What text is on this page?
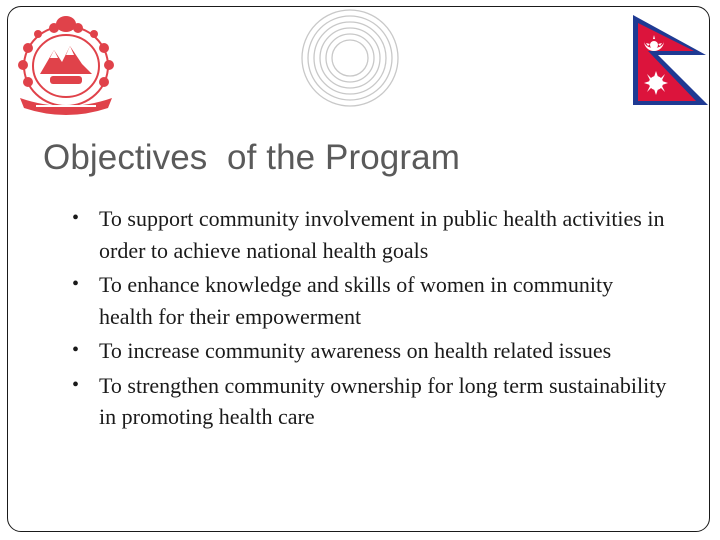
Objectives  of the Program
• To support community involvement in public health activities in order to achieve national health goals
• To enhance knowledge and skills of women in community health for their empowerment
• To increase community awareness on health related issues
• To strengthen community ownership for long term sustainability in promoting health care
